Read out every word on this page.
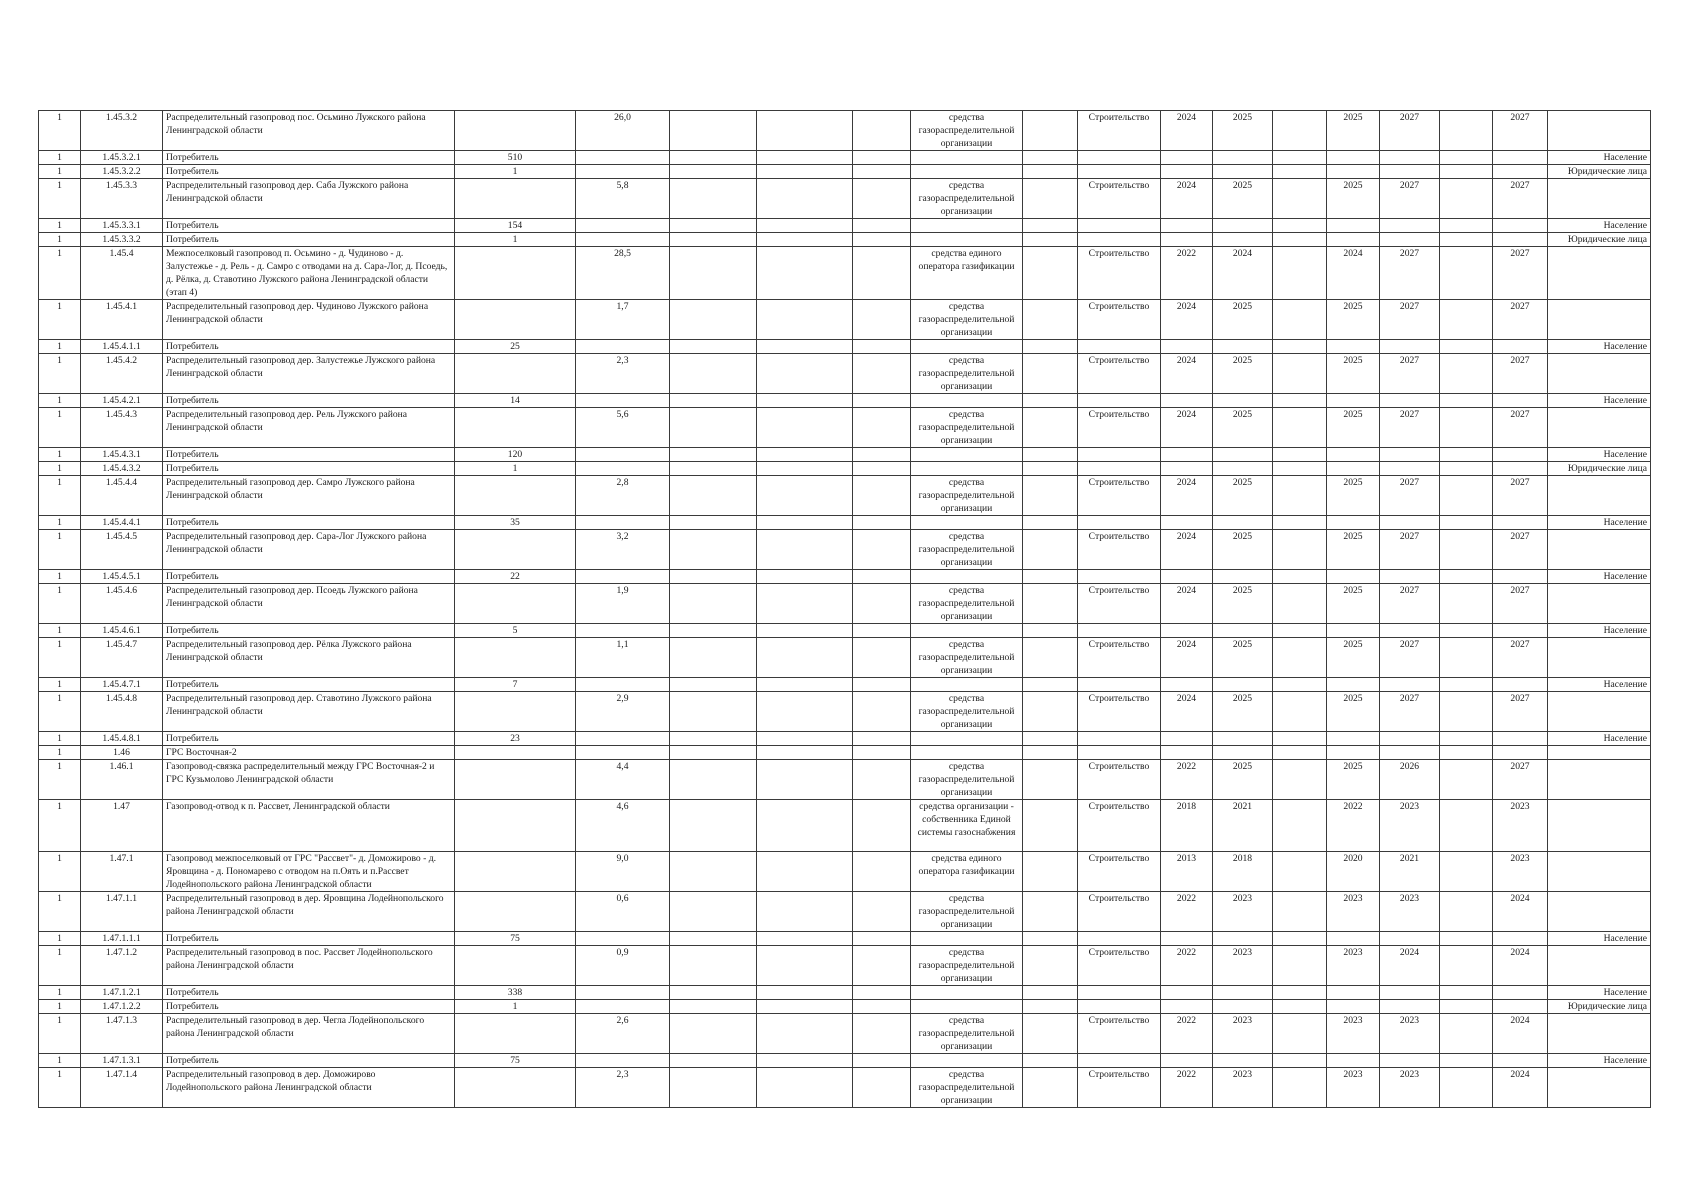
1	1.45.3.2	Распределительный газопровод пос. Осьмино Лужского района Ленинградской области		26,0				средства газораспределительной организации		Строительство	2024	2025		2025	2027		2027	
1	1.45.3.2.1	Потребитель	510															Население
1	1.45.3.2.2	Потребитель	1															Юридические лица
1	1.45.3.3	Распределительный газопровод дер. Саба Лужского района Ленинградской области		5,8				средства газораспределительной организации		Строительство	2024	2025		2025	2027		2027	
1	1.45.3.3.1	Потребитель	154															Население
1	1.45.3.3.2	Потребитель	1															Юридические лица
1	1.45.4	Межпоселковый газопровод п. Осьмино - д. Чудиново - д. Залустежье - д. Рель - д. Самро с отводами на д. Сара-Лог, д. Псоедь, д. Рёлка, д. Ставотино Лужского района Ленинградской области (этап 4)		28,5				средства единого оператора газификации		Строительство	2022	2024		2024	2027		2027	
1	1.45.4.1	Распределительный газопровод дер. Чудиново Лужского района Ленинградской области		1,7				средства газораспределительной организации		Строительство	2024	2025		2025	2027		2027	
1	1.45.4.1.1	Потребитель	25															Население
1	1.45.4.2	Распределительный газопровод дер. Залустежье Лужского района Ленинградской области		2,3				средства газораспределительной организации		Строительство	2024	2025		2025	2027		2027	
1	1.45.4.2.1	Потребитель	14															Население
1	1.45.4.3	Распределительный газопровод дер. Рель Лужского района Ленинградской области		5,6				средства газораспределительной организации		Строительство	2024	2025		2025	2027		2027	
1	1.45.4.3.1	Потребитель	120															Население
1	1.45.4.3.2	Потребитель	1															Юридические лица
1	1.45.4.4	Распределительный газопровод дер. Самро Лужского района Ленинградской области		2,8				средства газораспределительной организации		Строительство	2024	2025		2025	2027		2027	
1	1.45.4.4.1	Потребитель	35															Население
1	1.45.4.5	Распределительный газопровод дер. Сара-Лог Лужского района Ленинградской области		3,2				средства газораспределительной организации		Строительство	2024	2025		2025	2027		2027	
1	1.45.4.5.1	Потребитель	22															Население
1	1.45.4.6	Распределительный газопровод дер. Псоедь Лужского района Ленинградской области		1,9				средства газораспределительной организации		Строительство	2024	2025		2025	2027		2027	
1	1.45.4.6.1	Потребитель	5															Население
1	1.45.4.7	Распределительный газопровод дер. Рёлка Лужского района Ленинградской области		1,1				средства газораспределительной организации		Строительство	2024	2025		2025	2027		2027	
1	1.45.4.7.1	Потребитель	7															Население
1	1.45.4.8	Распределительный газопровод дер. Ставотино Лужского района Ленинградской области		2,9				средства газораспределительной организации		Строительство	2024	2025		2025	2027		2027	
1	1.45.4.8.1	Потребитель	23															Население
1	1.46	ГРС Восточная-2																
1	1.46.1	Газопровод-связка распределительный между ГРС Восточная-2 и ГРС Кузьмолово Ленинградской области		4,4				средства газораспределительной организации		Строительство	2022	2025		2025	2026		2027	
1	1.47	Газопровод-отвод к п. Рассвет, Ленинградской области		4,6				средства организации - собственника Единой системы газоснабжения		Строительство	2018	2021		2022	2023		2023	
1	1.47.1	Газопровод межпоселковый от ГРС "Рассвет"- д. Доможирово - д. Яровщина - д. Пономарево с отводом на п.Оять и п.Рассвет Лодейнопольского района Ленинградской области		9,0				средства единого оператора газификации		Строительство	2013	2018		2020	2021		2023	
1	1.47.1.1	Распределительный газопровод в дер. Яровщина Лодейнопольского района Ленинградской области		0,6				средства газораспределительной организации		Строительство	2022	2023		2023	2023		2024	
1	1.47.1.1.1	Потребитель	75															Население
1	1.47.1.2	Распределительный газопровод в пос. Рассвет Лодейнопольского района Ленинградской области		0,9				средства газораспределительной организации		Строительство	2022	2023		2023	2024		2024	
1	1.47.1.2.1	Потребитель	338															Население
1	1.47.1.2.2	Потребитель	1															Юридические лица
1	1.47.1.3	Распределительный газопровод в дер. Чегла Лодейнопольского района Ленинградской области		2,6				средства газораспределительной организации		Строительство	2022	2023		2023	2023		2024	
1	1.47.1.3.1	Потребитель	75															Население
1	1.47.1.4	Распределительный газопровод в дер. Доможирово Лодейнопольского района Ленинградской области		2,3				средства газораспределительной организации		Строительство	2022	2023		2023	2023		2024	
